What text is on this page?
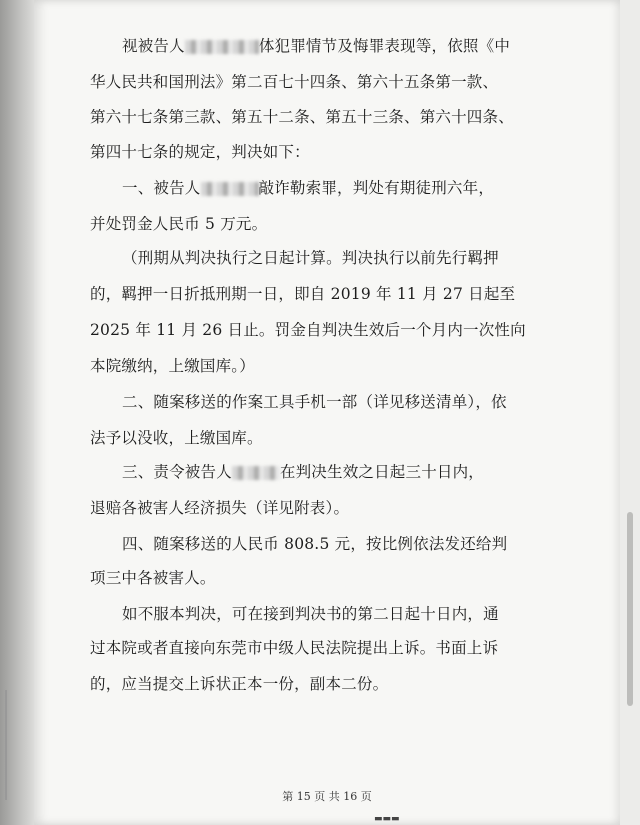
视被告人	体犯罪情节及悔罪表现等，依照《中
华人民共和国刑法》第二百七十四条、第六十五条第一款、
第六十七条第三款、第五十二条、第五十三条、第六十四条、
第四十七条的规定，判决如下：
一、被告人	敲诈勒索罪，判处有期徒刑六年，
并处罚金人民币 5 万元。
（刑期从判决执行之日起计算。判决执行以前先行羁押
的，羁押一日折抵刑期一日，即自 2019 年 11 月 27 日起至
2025 年 11 月 26 日止。罚金自判决生效后一个月内一次性向
本院缴纳，上缴国库。）
二、随案移送的作案工具手机一部（详见移送清单），依
法予以没收，上缴国库。
三、责令被告人	在判决生效之日起三十日内，
退赔各被害人经济损失（详见附表）。
四、随案移送的人民币 808.5 元，按比例依法发还给判
项三中各被害人。
如不服本判决，可在接到判决书的第二日起十日内，通
过本院或者直接向东莞市中级人民法院提出上诉。书面上诉
的，应当提交上诉状正本一份，副本二份。
第 15 页 共 16 页
▬▬▬
